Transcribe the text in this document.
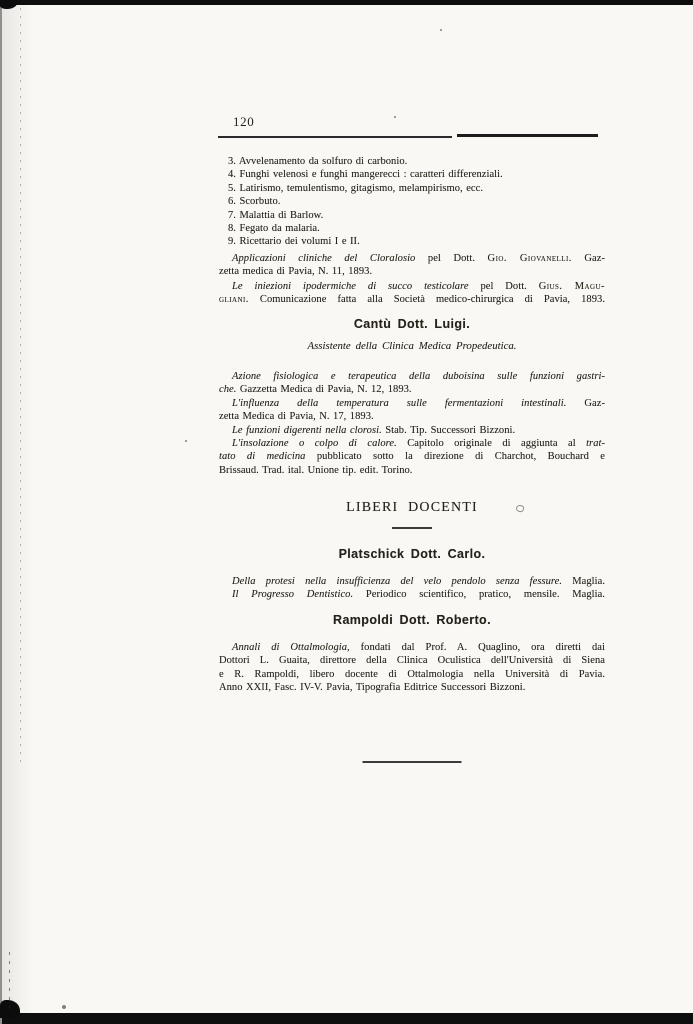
120
3. Avvelenamento da solfuro di carbonio.
4. Funghi velenosi e funghi mangerecci : caratteri differenziali.
5. Latirismo, temulentismo, gitagismo, melampirismo, ecc.
6. Scorbuto.
7. Malattia di Barlow.
8. Fegato da malaria.
9. Ricettario dei volumi I e II.
Applicazioni cliniche del Cloralosio pel Dott. Gio. Giovanelli. Gaz-
zetta medica di Pavia, N. 11, 1893.
Le iniezioni ipodermiche di succo testicolare pel Dott. Gius. Magu-
gliani. Comunicazione fatta alla Società medico-chirurgica di Pavia, 1893.
Cantù Dott. Luigi.
Assistente della Clinica Medica Propedeutica.
Azione fisiologica e terapeutica della duboisina sulle funzioni gastri-
che. Gazzetta Medica di Pavia, N. 12, 1893.
L'influenza della temperatura sulle fermentazioni intestinali. Gaz-
zetta Medica di Pavia, N. 17, 1893.
Le funzioni digerenti nella clorosi. Stab. Tip. Successori Bizzoni.
L'insolazione o colpo di calore. Capitolo originale di aggiunta al trat-
tato di medicina pubblicato sotto la direzione di Charchot, Bouchard e
Brissaud. Trad. ital. Unione tip. edit. Torino.
LIBERI DOCENTI
Platschick Dott. Carlo.
Della protesi nella insufficienza del velo pendolo senza fessure. Maglia.
Il Progresso Dentistico. Periodico scientifico, pratico, mensile. Maglia.
Rampoldi Dott. Roberto.
Annali di Ottalmologia, fondati dal Prof. A. Quaglino, ora diretti dai
Dottori L. Guaita, direttore della Clinica Oculistica dell'Università di Siena
e R. Rampoldi, libero docente di Ottalmologia nella Università di Pavia.
Anno XXII, Fasc. IV-V. Pavia, Tipografia Editrice Successori Bizzoni.
